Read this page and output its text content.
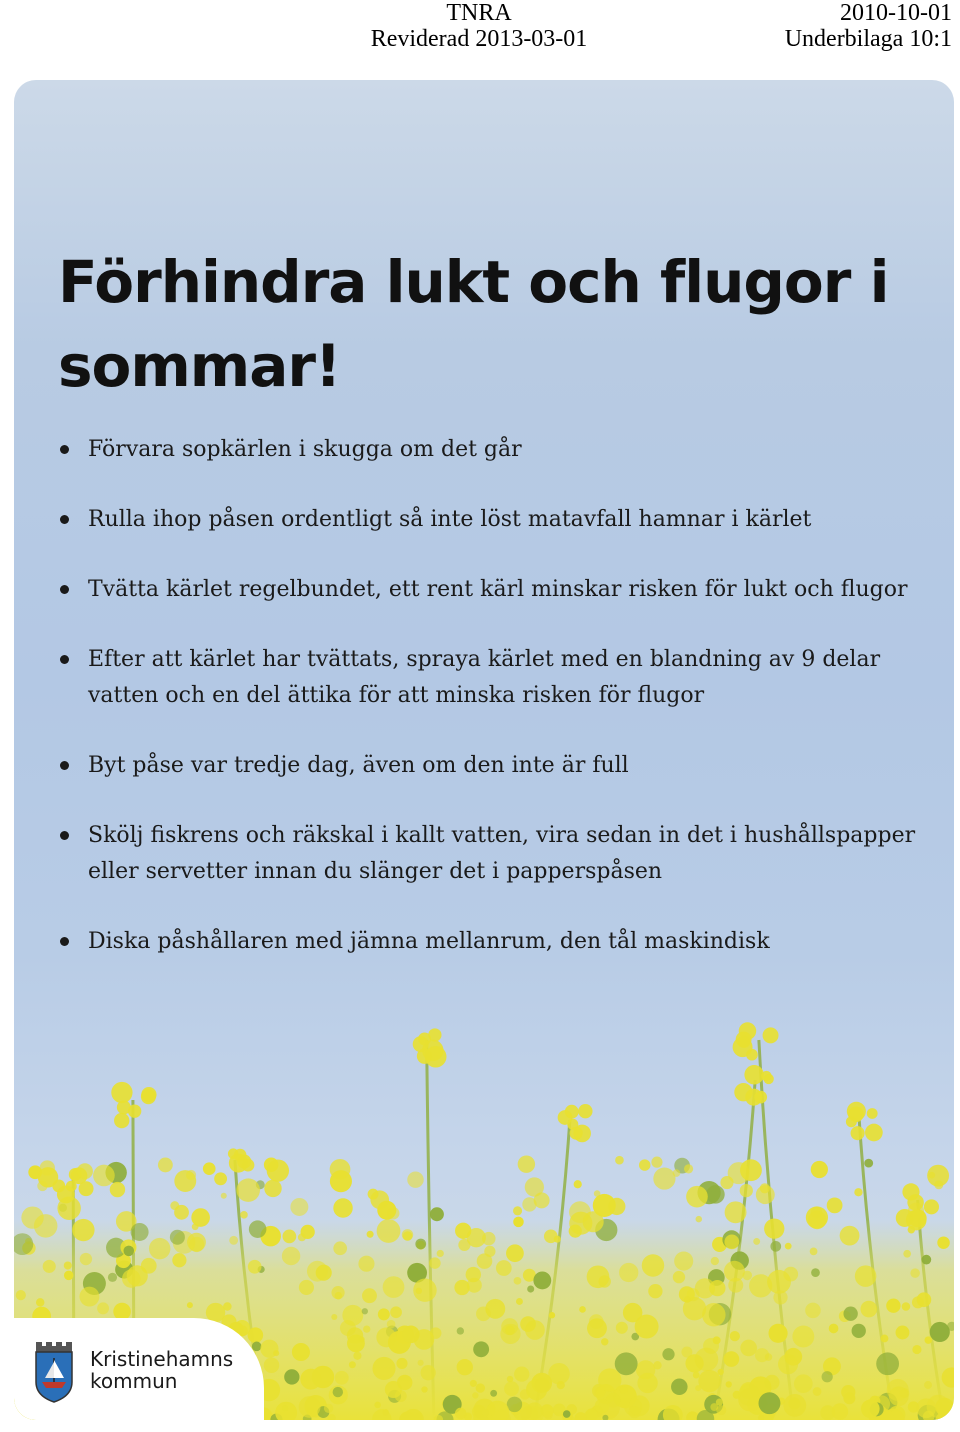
TNRA
Reviderad 2013-03-01
2010-10-01
Underbilaga 10:1
Förhindra lukt och flugor i sommar!
Förvara sopkärlen i skugga om det går
Rulla ihop påsen ordentligt så inte löst matavfall hamnar i kärlet
Tvätta kärlet regelbundet, ett rent kärl minskar risken för lukt och flugor
Efter att kärlet har tvättats, spraya kärlet med en blandning av 9 delar vatten och en del ättika för att minska risken för flugor
Byt påse var tredje dag, även om den inte är full
Skölj fiskrens och räkskal i kallt vatten, vira sedan in det i hushållspapper eller servetter innan du slänger det i papperspåsen
Diska påshållaren med jämna mellanrum, den tål maskindisk
Kristinehamns
kommun
